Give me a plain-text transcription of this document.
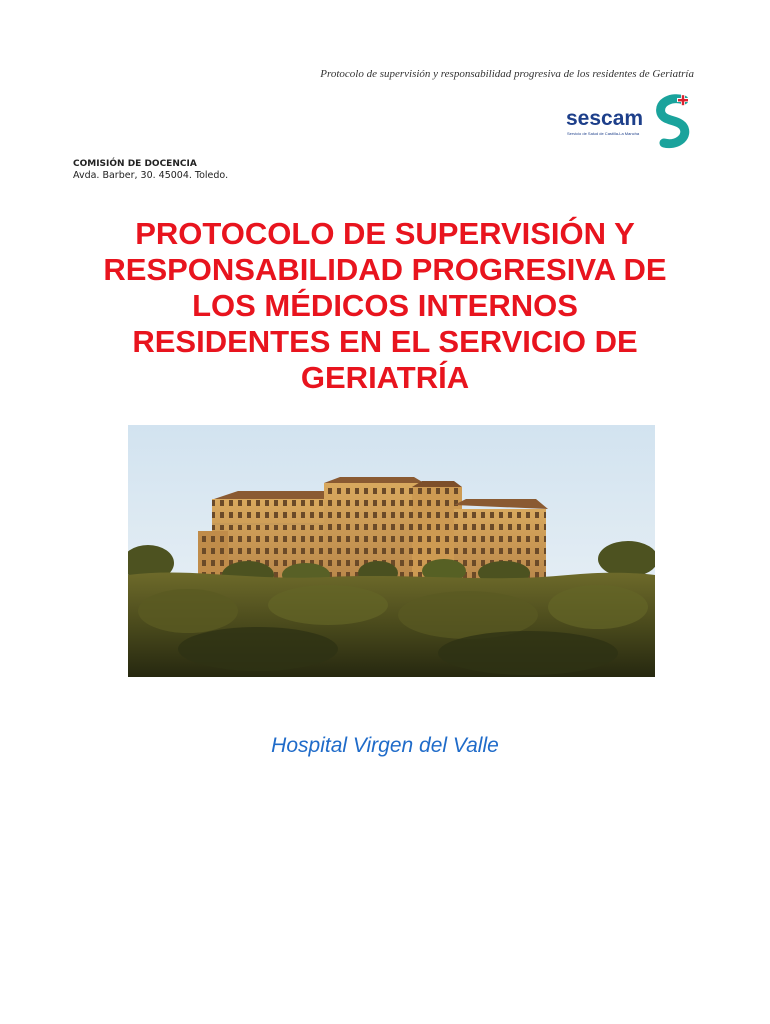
Protocolo de supervisión y responsabilidad progresiva de los residentes de Geriatría
sescam
Servicio de Salud de Castilla-La Mancha
COMISIÓN DE DOCENCIA
Avda. Barber, 30. 45004. Toledo.
PROTOCOLO DE SUPERVISIÓN Y
RESPONSABILIDAD PROGRESIVA DE
LOS MÉDICOS INTERNOS
RESIDENTES EN EL SERVICIO DE
GERIATRÍA
Hospital Virgen del Valle
